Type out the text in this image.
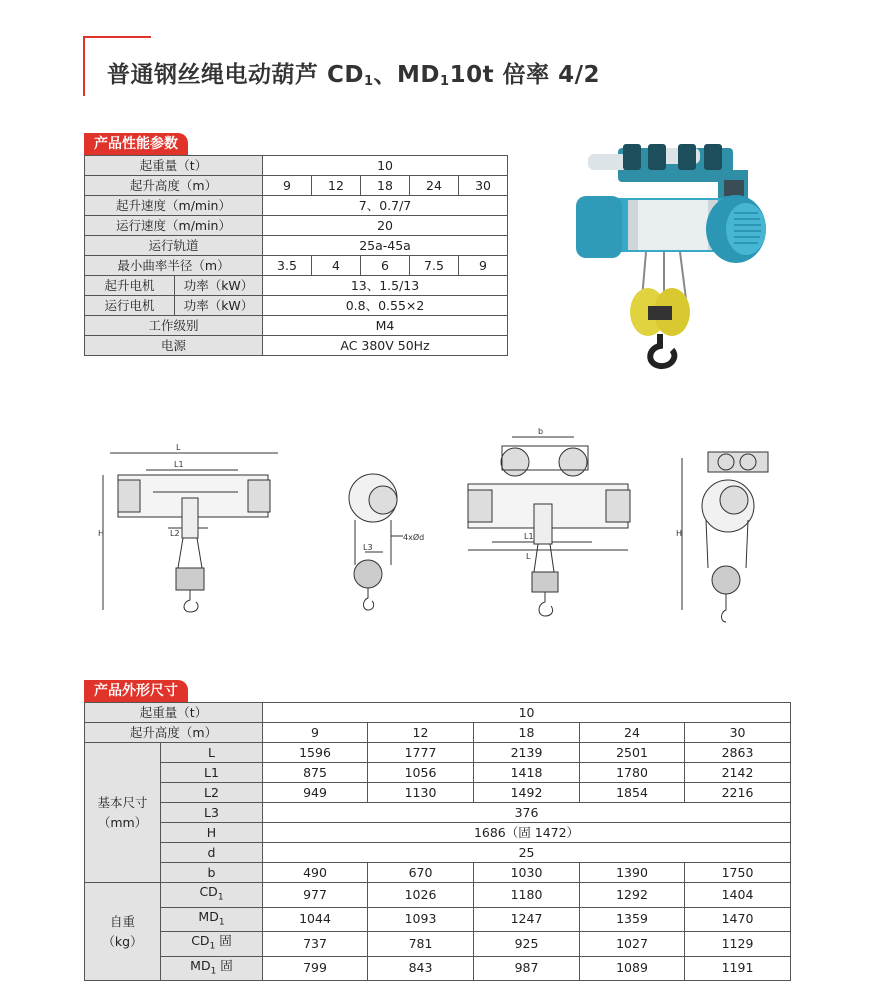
普通钢丝绳电动葫芦 $CD_1$、$MD_110t$ 倍率 4/2
产品性能参数
起重量（t）		10				
起升高度（m）		9	12	18	24	30
起升速度（m/min）		7、0.7/7				
运行速度（m/min）		20				
运行轨道		25a-45a				
最小曲率半径（m）		3.5	4	6	7.5	9
起升电机	功率（kW）	13、1.5/13				
运行电机	功率（kW）	0.8、0.55×2				
工作级别		M4				
电源		AC 380V 50Hz				
L
L1
L2
H
L3
4xØd
b
L1
L
H
产品外形尺寸
起重量（t）		10				
起升高度（m）		9	12	18	24	30
基本尺寸
（mm）	L	1596	1777	2139	2501	2863
	L1	875	1056	1418	1780	2142
	L2	949	1130	1492	1854	2216
	L3	376				
	H	1686（固 1472）				
	d	25				
	b	490	670	1030	1390	1750
自重
（kg）	$CD_1$	977	1026	1180	1292	1404
	$MD_1$	1044	1093	1247	1359	1470
	$CD_1$ 固	737	781	925	1027	1129
	$MD_1$ 固	799	843	987	1089	1191
